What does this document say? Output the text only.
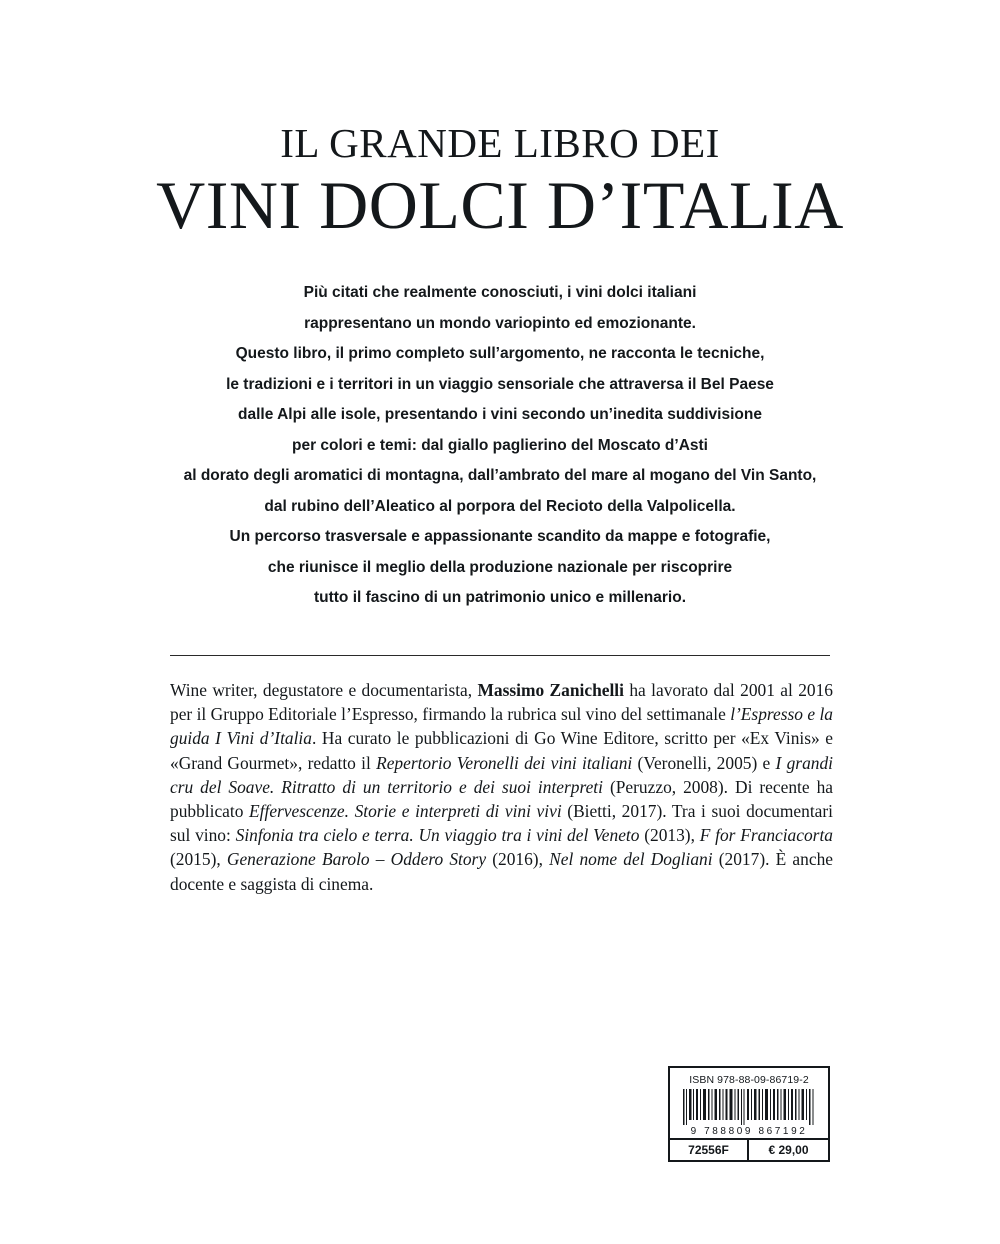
IL GRANDE LIBRO DEI
VINI DOLCI D’ITALIA
Più citati che realmente conosciuti, i vini dolci italiani
rappresentano un mondo variopinto ed emozionante.
Questo libro, il primo completo sull’argomento, ne racconta le tecniche,
le tradizioni e i territori in un viaggio sensoriale che attraversa il Bel Paese
dalle Alpi alle isole, presentando i vini secondo un’inedita suddivisione
per colori e temi: dal giallo paglierino del Moscato d’Asti
al dorato degli aromatici di montagna, dall’ambrato del mare al mogano del Vin Santo,
dal rubino dell’Aleatico al porpora del Recioto della Valpolicella.
Un percorso trasversale e appassionante scandito da mappe e fotografie,
che riunisce il meglio della produzione nazionale per riscoprire
tutto il fascino di un patrimonio unico e millenario.
Wine writer, degustatore e documentarista, Massimo Zanichelli ha lavorato dal 2001 al 2016 per il Gruppo Editoriale l’Espresso, firmando la rubrica sul vino del settimanale l’Espresso e la guida I Vini d’Italia. Ha curato le pubblicazioni di Go Wine Editore, scritto per «Ex Vinis» e «Grand Gourmet», redatto il Repertorio Veronelli dei vini italiani (Veronelli, 2005) e I grandi cru del Soave. Ritratto di un territorio e dei suoi interpreti (Peruzzo, 2008). Di recente ha pubblicato Effervescenze. Storie e interpreti di vini vivi (Bietti, 2017). Tra i suoi documentari sul vino: Sinfonia tra cielo e terra. Un viaggio tra i vini del Veneto (2013), F for Franciacorta (2015), Generazione Barolo – Oddero Story (2016), Nel nome del Dogliani (2017). È anche docente e saggista di cinema.
ISBN 978-88-09-86719-2
9 788809 867192
72556F	€ 29,00
